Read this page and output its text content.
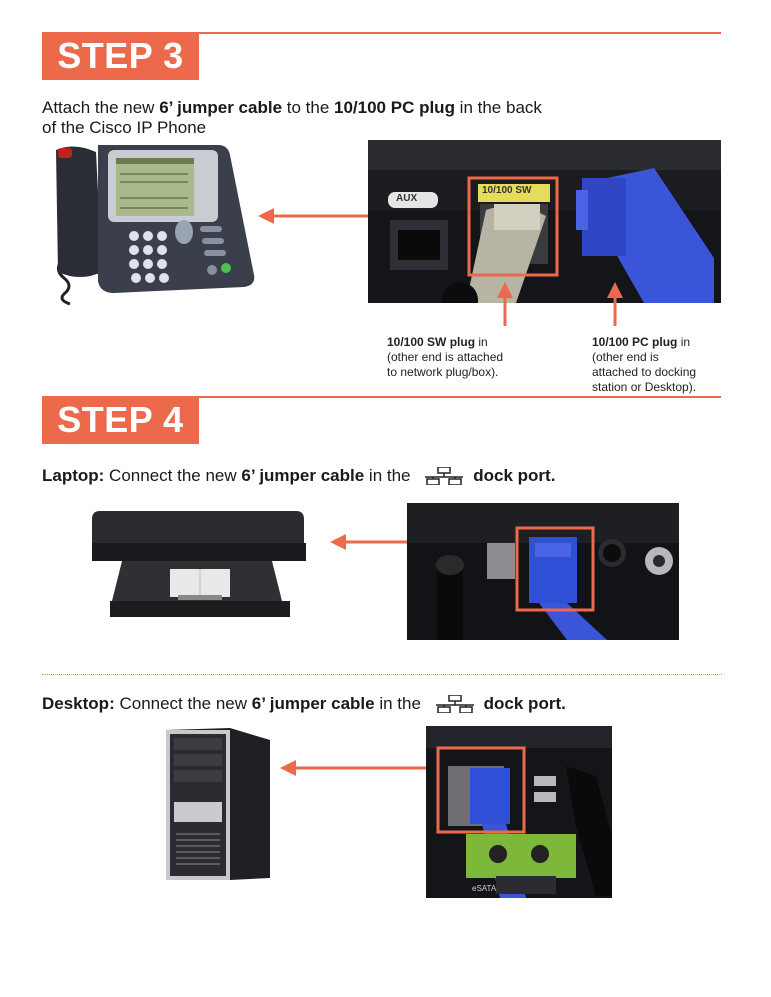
STEP 3
Attach the new 6’ jumper cable to the 10/100 PC plug in the back
of the Cisco IP Phone
AUX
10/100 SW
10/100 SW plug in
(other end is attached
to network plug/box).
10/100 PC plug in
(other end is
attached to docking
station or Desktop).
STEP 4
Laptop: Connect the new 6’ jumper cable in the	dock port.
Desktop: Connect the new 6’ jumper cable in the	dock port.
eSATA
